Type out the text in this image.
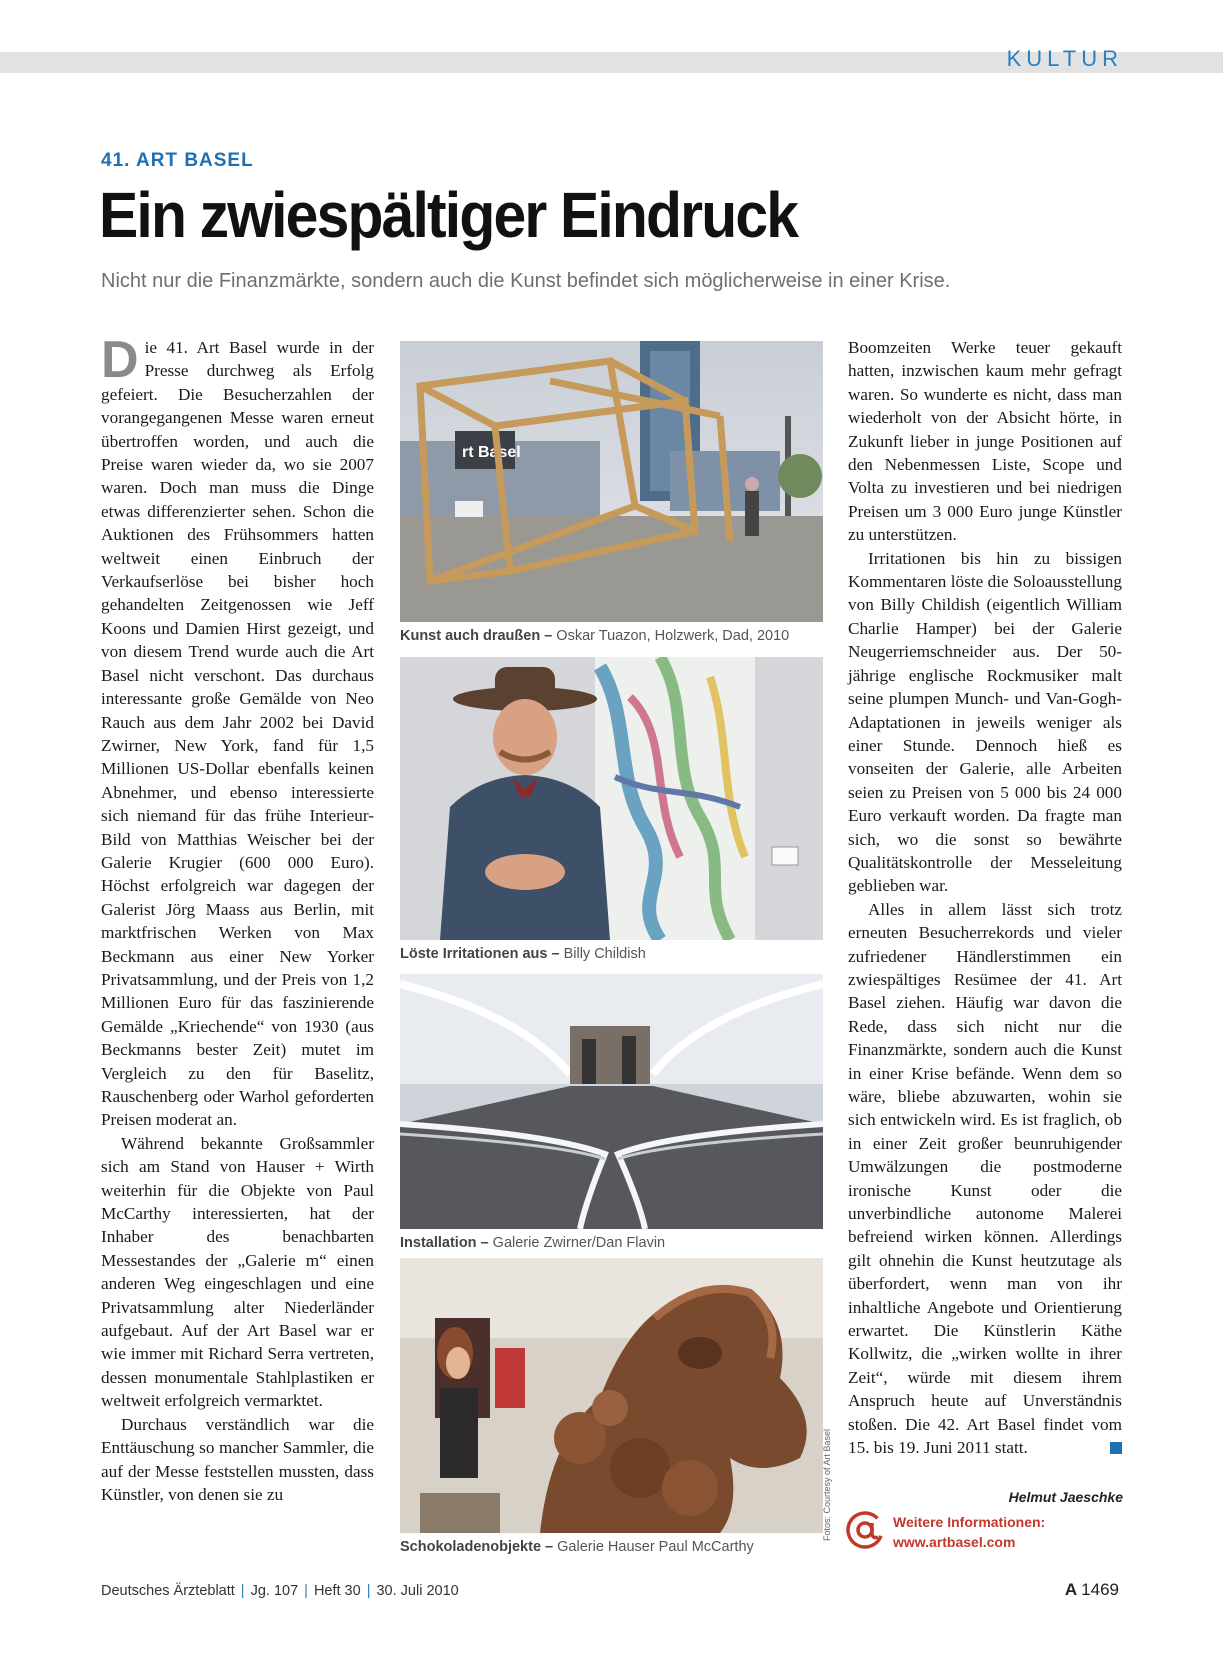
KULTUR
41. ART BASEL
Ein zwiespältiger Eindruck
Nicht nur die Finanzmärkte, sondern auch die Kunst befindet sich möglicherweise in einer Krise.

Die 41. Art Basel wurde in der Presse durchweg als Erfolg gefeiert. Die Besucherzahlen der vorangegangenen Messe waren erneut übertroffen worden, und auch die Preise waren wieder da, wo sie 2007 waren. Doch man muss die Dinge etwas differenzierter sehen. Schon die Auktionen des Frühsommers hatten weltweit einen Einbruch der Verkaufserlöse bei bisher hoch gehandelten Zeitgenossen wie Jeff Koons und Damien Hirst gezeigt, und von diesem Trend wurde auch die Art Basel nicht verschont. Das durchaus interessante große Gemälde von Neo Rauch aus dem Jahr 2002 bei David Zwirner, New York, fand für 1,5 Millionen US-Dollar ebenfalls keinen Abnehmer, und ebenso interessierte sich niemand für das frühe Interieur-Bild von Matthias Weischer bei der Galerie Krugier (600 000 Euro). Höchst erfolgreich war dagegen der Galerist Jörg Maass aus Berlin, mit marktfrischen Werken von Max Beckmann aus einer New Yorker Privatsammlung, und der Preis von 1,2 Millionen Euro für das faszinierende Gemälde „Kriechende“ von 1930 (aus Beckmanns bester Zeit) mutet im Vergleich zu den für Baselitz, Rauschenberg oder Warhol geforderten Preisen moderat an.

Während bekannte Großsammler sich am Stand von Hauser + Wirth weiterhin für die Objekte von Paul McCarthy interessierten, hat der Inhaber des benachbarten Messestandes der „Galerie m“ einen anderen Weg eingeschlagen und eine Privatsammlung alter Niederländer aufgebaut. Auf der Art Basel war er wie immer mit Richard Serra vertreten, dessen monumentale Stahlplastiken er weltweit erfolgreich vermarktet.

Durchaus verständlich war die Enttäuschung so mancher Sammler, die auf der Messe feststellen mussten, dass Künstler, von denen sie zu

rt Basel
Kunst auch draußen – Oskar Tuazon, Holzwerk, Dad, 2010
Löste Irritationen aus – Billy Childish
Installation – Galerie Zwirner/Dan Flavin
Schokoladenobjekte – Galerie Hauser Paul McCarthy
Fotos: Courtesy of Art Basel

Boomzeiten Werke teuer gekauft hatten, inzwischen kaum mehr gefragt waren. So wunderte es nicht, dass man wiederholt von der Absicht hörte, in Zukunft lieber in junge Positionen auf den Nebenmessen Liste, Scope und Volta zu investieren und bei niedrigen Preisen um 3 000 Euro junge Künstler zu unterstützen.

Irritationen bis hin zu bissigen Kommentaren löste die Soloausstellung von Billy Childish (eigentlich William Charlie Hamper) bei der Galerie Neugerriemschneider aus. Der 50-jährige englische Rockmusiker malt seine plumpen Munch- und Van-Gogh-Adaptationen in jeweils weniger als einer Stunde. Dennoch hieß es vonseiten der Galerie, alle Arbeiten seien zu Preisen von 5 000 bis 24 000 Euro verkauft worden. Da fragte man sich, wo die sonst so bewährte Qualitätskontrolle der Messeleitung geblieben war.

Alles in allem lässt sich trotz erneuten Besucherrekords und vieler zufriedener Händlerstimmen ein zwiespältiges Resümee der 41. Art Basel ziehen. Häufig war davon die Rede, dass sich nicht nur die Finanzmärkte, sondern auch die Kunst in einer Krise befände. Wenn dem so wäre, bliebe abzuwarten, wohin sie sich entwickeln wird. Es ist fraglich, ob in einer Zeit großer beunruhigender Umwälzungen die postmoderne ironische Kunst oder die unverbindliche autonome Malerei befreiend wirken können. Allerdings gilt ohnehin die Kunst heutzutage als überfordert, wenn man von ihr inhaltliche Angebote und Orientierung erwartet. Die Künstlerin Käthe Kollwitz, die „wirken wollte in ihrer Zeit“, würde mit diesem ihrem Anspruch heute auf Unverständnis stoßen. Die 42. Art Basel findet vom 15. bis 19. Juni 2011 statt.

Helmut Jaeschke
Weitere Informationen:
www.artbasel.com
Deutsches Ärzteblatt | Jg. 107 | Heft 30 | 30. Juli 2010	A 1469
